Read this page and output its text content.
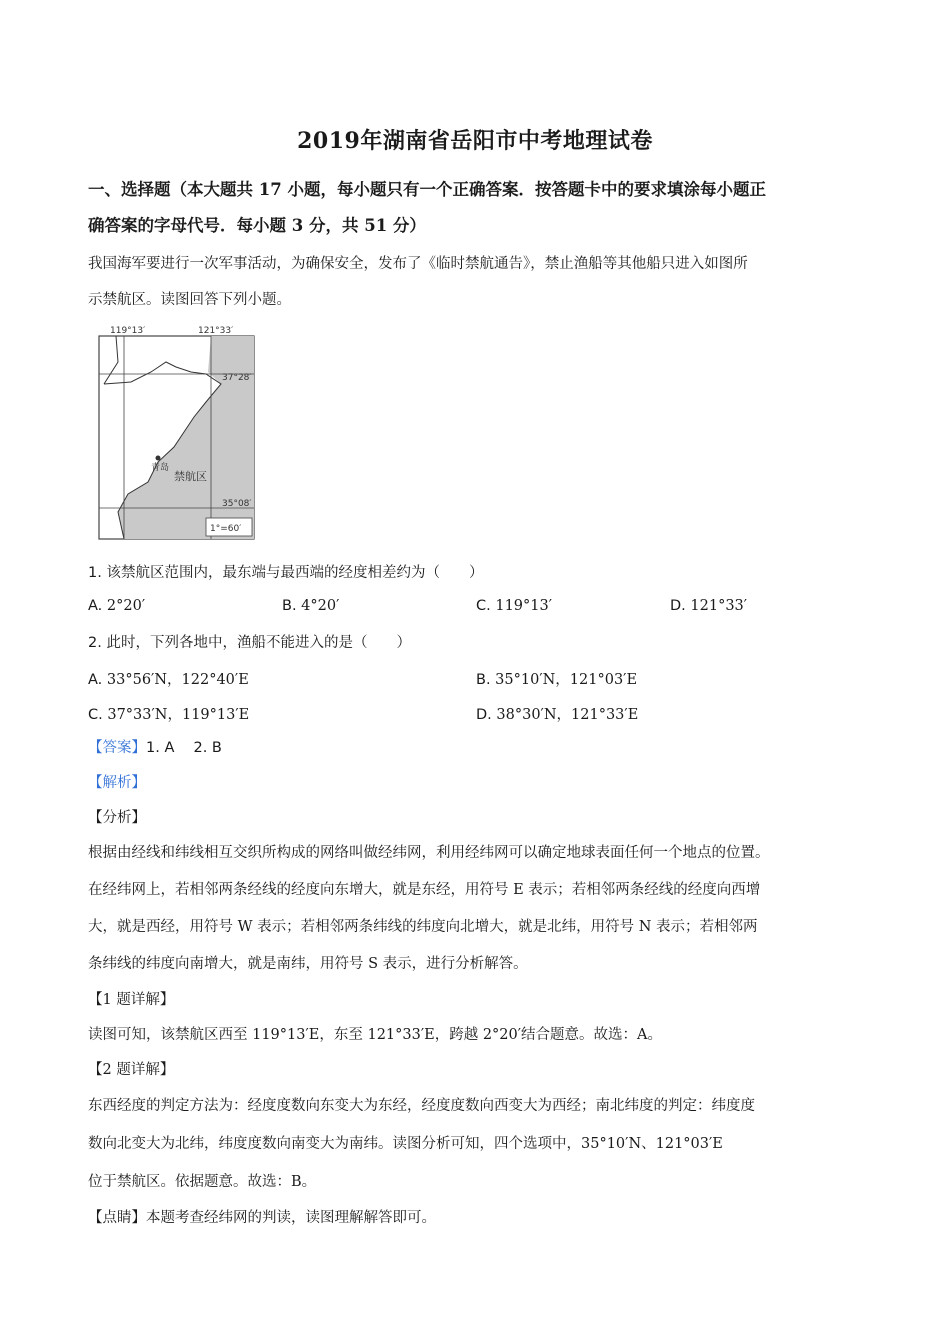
2019年湖南省岳阳市中考地理试卷
一、选择题（本大题共 17 小题，每小题只有一个正确答案．按答题卡中的要求填涂每小题正
确答案的字母代号．每小题 3 分，共 51 分）
我国海军要进行一次军事活动，为确保安全，发布了《临时禁航通告》，禁止渔船等其他船只进入如图所
示禁航区。读图回答下列小题。
119°13′	121°33′
37°28′
35°08′
青岛
禁航区
1°=60′
1. 该禁航区范围内，最东端与最西端的经度相差约为（　　）
A. 2°20′	B. 4°20′	C. 119°13′	D. 121°33′
2. 此时，下列各地中，渔船不能进入的是（　　）
A. 33°56′N，122°40′E	B. 35°10′N，121°03′E
C. 37°33′N，119°13′E	D. 38°30′N，121°33′E
【答案】1. A　 2. B
【解析】
【分析】
根据由经线和纬线相互交织所构成的网络叫做经纬网，利用经纬网可以确定地球表面任何一个地点的位置。
在经纬网上，若相邻两条经线的经度向东增大，就是东经，用符号 E 表示；若相邻两条经线的经度向西增
大，就是西经，用符号 W 表示；若相邻两条纬线的纬度向北增大，就是北纬，用符号 N 表示；若相邻两
条纬线的纬度向南增大，就是南纬，用符号 S 表示，进行分析解答。
【1 题详解】
读图可知，该禁航区西至 119°13′E，东至 121°33′E，跨越 2°20′结合题意。故选：A。
【2 题详解】
东西经度的判定方法为：经度度数向东变大为东经，经度度数向西变大为西经；南北纬度的判定：纬度度
数向北变大为北纬，纬度度数向南变大为南纬。读图分析可知，四个选项中，35°10′N、121°03′E
位于禁航区。依据题意。故选：B。
【点睛】本题考查经纬网的判读，读图理解解答即可。
